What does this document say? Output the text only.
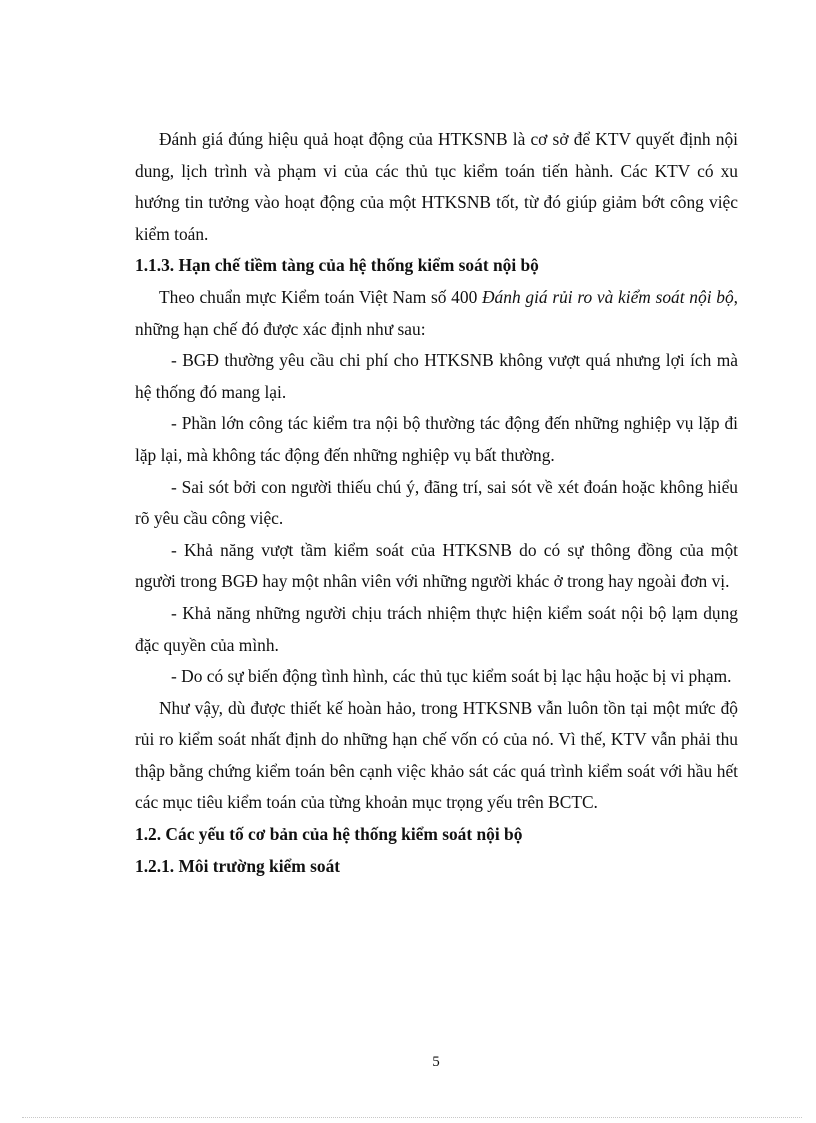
Đánh giá đúng hiệu quả hoạt động của HTKSNB là cơ sở để KTV quyết định nội dung, lịch trình và phạm vi của các thủ tục kiểm toán tiến hành. Các KTV có xu hướng tin tưởng vào hoạt động của một HTKSNB tốt, từ đó giúp giảm bớt công việc kiểm toán.

1.1.3. Hạn chế tiềm tàng của hệ thống kiểm soát nội bộ

Theo chuẩn mực Kiểm toán Việt Nam số 400 Đánh giá rủi ro và kiểm soát nội bộ, những hạn chế đó được xác định như sau:

- BGĐ thường yêu cầu chi phí cho HTKSNB không vượt quá nhưng lợi ích mà hệ thống đó mang lại.

- Phần lớn công tác kiểm tra nội bộ thường tác động đến những nghiệp vụ lặp đi lặp lại, mà không tác động đến những nghiệp vụ bất thường.

- Sai sót bởi con người thiếu chú ý, đãng trí, sai sót về xét đoán hoặc không hiểu rõ yêu cầu công việc.

- Khả năng vượt tầm kiểm soát của HTKSNB do có sự thông đồng của một người trong BGĐ hay một nhân viên với những người khác ở trong hay ngoài đơn vị.

- Khả năng những người chịu trách nhiệm thực hiện kiểm soát nội bộ lạm dụng đặc quyền của mình.

- Do có sự biến động tình hình, các thủ tục kiểm soát bị lạc hậu hoặc bị vi phạm.

Như vậy, dù được thiết kế hoàn hảo, trong HTKSNB vẫn luôn tồn tại một mức độ rủi ro kiểm soát nhất định do những hạn chế vốn có của nó. Vì thế, KTV vẫn phải thu thập bằng chứng kiểm toán bên cạnh việc khảo sát các quá trình kiểm soát với hầu hết các mục tiêu kiểm toán của từng khoản mục trọng yếu trên BCTC.

1.2. Các yếu tố cơ bản của hệ thống kiểm soát nội bộ

1.2.1. Môi trường kiểm soát

5
